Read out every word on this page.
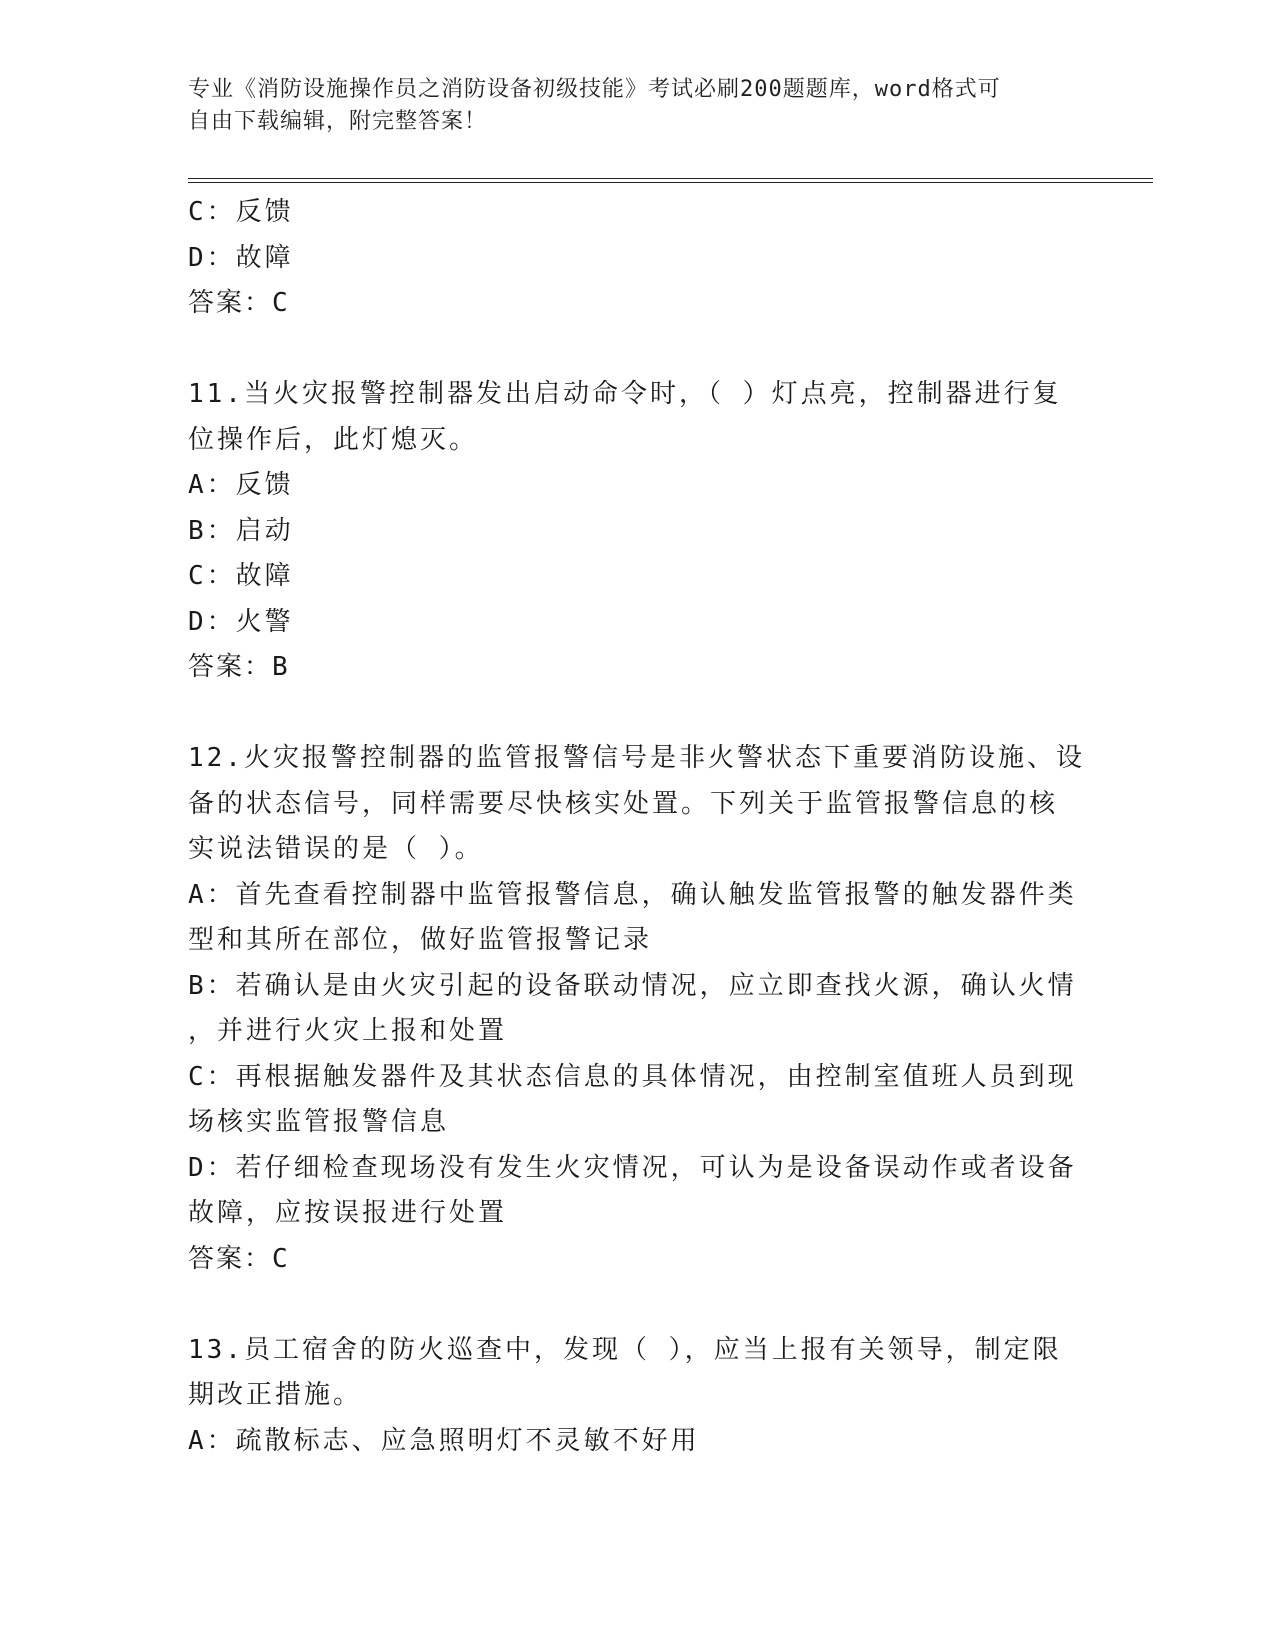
专业《消防设施操作员之消防设备初级技能》考试必刷200题题库，word格式可
自由下载编辑，附完整答案！
C：反馈
D：故障
答案：C
11.当火灾报警控制器发出启动命令时，（ ）灯点亮，控制器进行复
位操作后，此灯熄灭。
A：反馈
B：启动
C：故障
D：火警
答案：B
12.火灾报警控制器的监管报警信号是非火警状态下重要消防设施、设
备的状态信号，同样需要尽快核实处置。下列关于监管报警信息的核
实说法错误的是（ ）。
A：首先查看控制器中监管报警信息，确认触发监管报警的触发器件类
型和其所在部位，做好监管报警记录
B：若确认是由火灾引起的设备联动情况，应立即查找火源，确认火情
，并进行火灾上报和处置
C：再根据触发器件及其状态信息的具体情况，由控制室值班人员到现
场核实监管报警信息
D：若仔细检查现场没有发生火灾情况，可认为是设备误动作或者设备
故障，应按误报进行处置
答案：C
13.员工宿舍的防火巡查中，发现（ ），应当上报有关领导，制定限
期改正措施。
A：疏散标志、应急照明灯不灵敏不好用
